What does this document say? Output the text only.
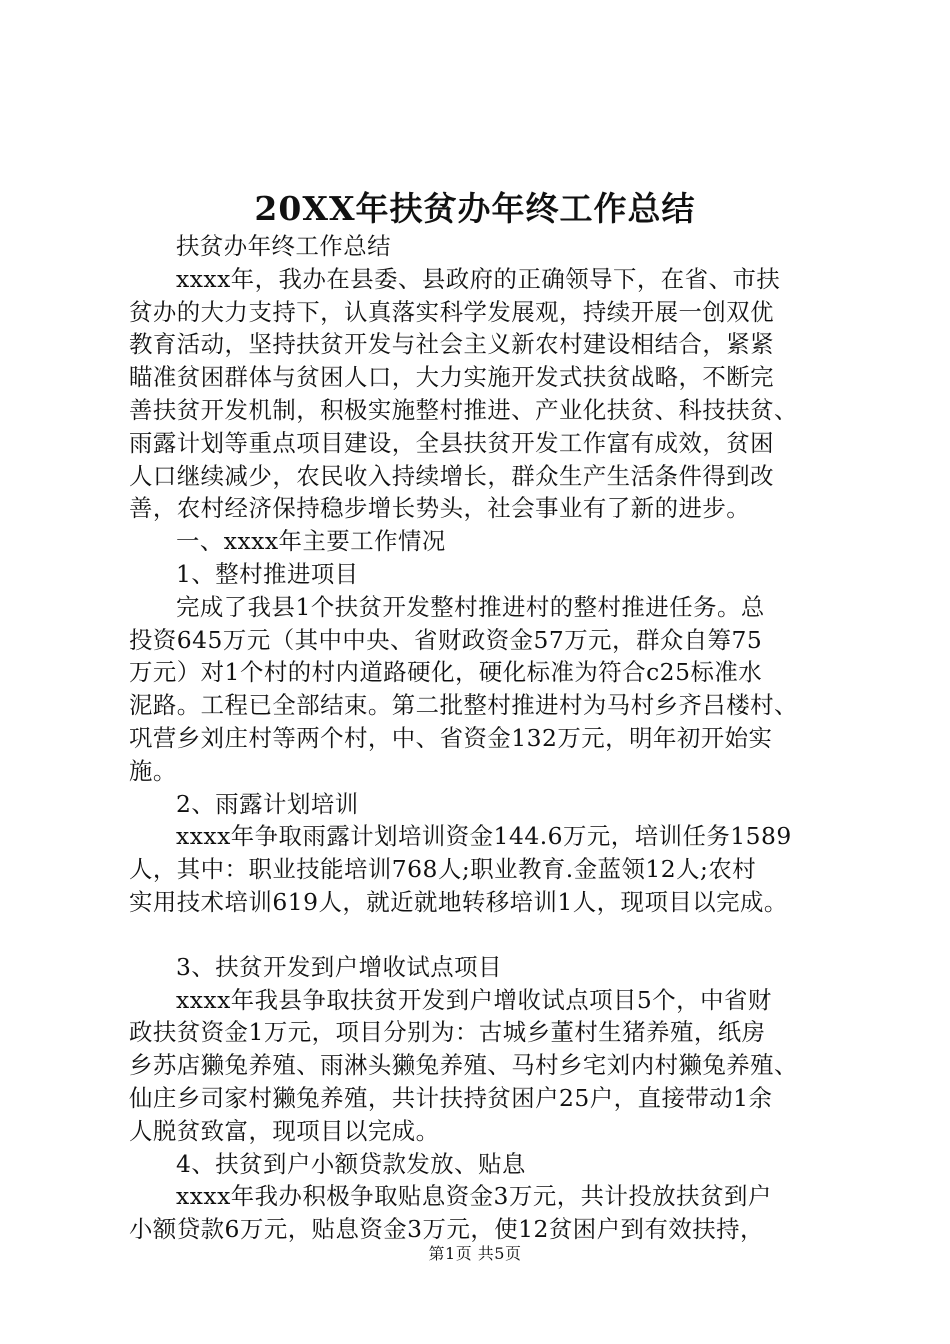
20XX年扶贫办年终工作总结
扶贫办年终工作总结
xxxx年，我办在县委、县政府的正确领导下，在省、市扶
贫办的大力支持下，认真落实科学发展观，持续开展一创双优
教育活动，坚持扶贫开发与社会主义新农村建设相结合，紧紧
瞄准贫困群体与贫困人口，大力实施开发式扶贫战略，不断完
善扶贫开发机制，积极实施整村推进、产业化扶贫、科技扶贫、
雨露计划等重点项目建设，全县扶贫开发工作富有成效，贫困
人口继续减少，农民收入持续增长，群众生产生活条件得到改
善，农村经济保持稳步增长势头，社会事业有了新的进步。
一、xxxx年主要工作情况
1、整村推进项目
完成了我县1个扶贫开发整村推进村的整村推进任务。总
投资645万元（其中中央、省财政资金57万元，群众自筹75
万元）对1个村的村内道路硬化，硬化标准为符合c25标准水
泥路。工程已全部结束。第二批整村推进村为马村乡齐吕楼村、
巩营乡刘庄村等两个村，中、省资金132万元，明年初开始实
施。
2、雨露计划培训
xxxx年争取雨露计划培训资金144.6万元，培训任务1589
人，其中：职业技能培训768人;职业教育.金蓝领12人;农村
实用技术培训619人，就近就地转移培训1人，现项目以完成。
3、扶贫开发到户增收试点项目
xxxx年我县争取扶贫开发到户增收试点项目5个，中省财
政扶贫资金1万元，项目分别为：古城乡董村生猪养殖，纸房
乡苏店獭兔养殖、雨淋头獭兔养殖、马村乡宅刘内村獭兔养殖、
仙庄乡司家村獭兔养殖，共计扶持贫困户25户，直接带动1余
人脱贫致富，现项目以完成。
4、扶贫到户小额贷款发放、贴息
xxxx年我办积极争取贴息资金3万元，共计投放扶贫到户
小额贷款6万元，贴息资金3万元，使12贫困户到有效扶持，
第1页 共5页
